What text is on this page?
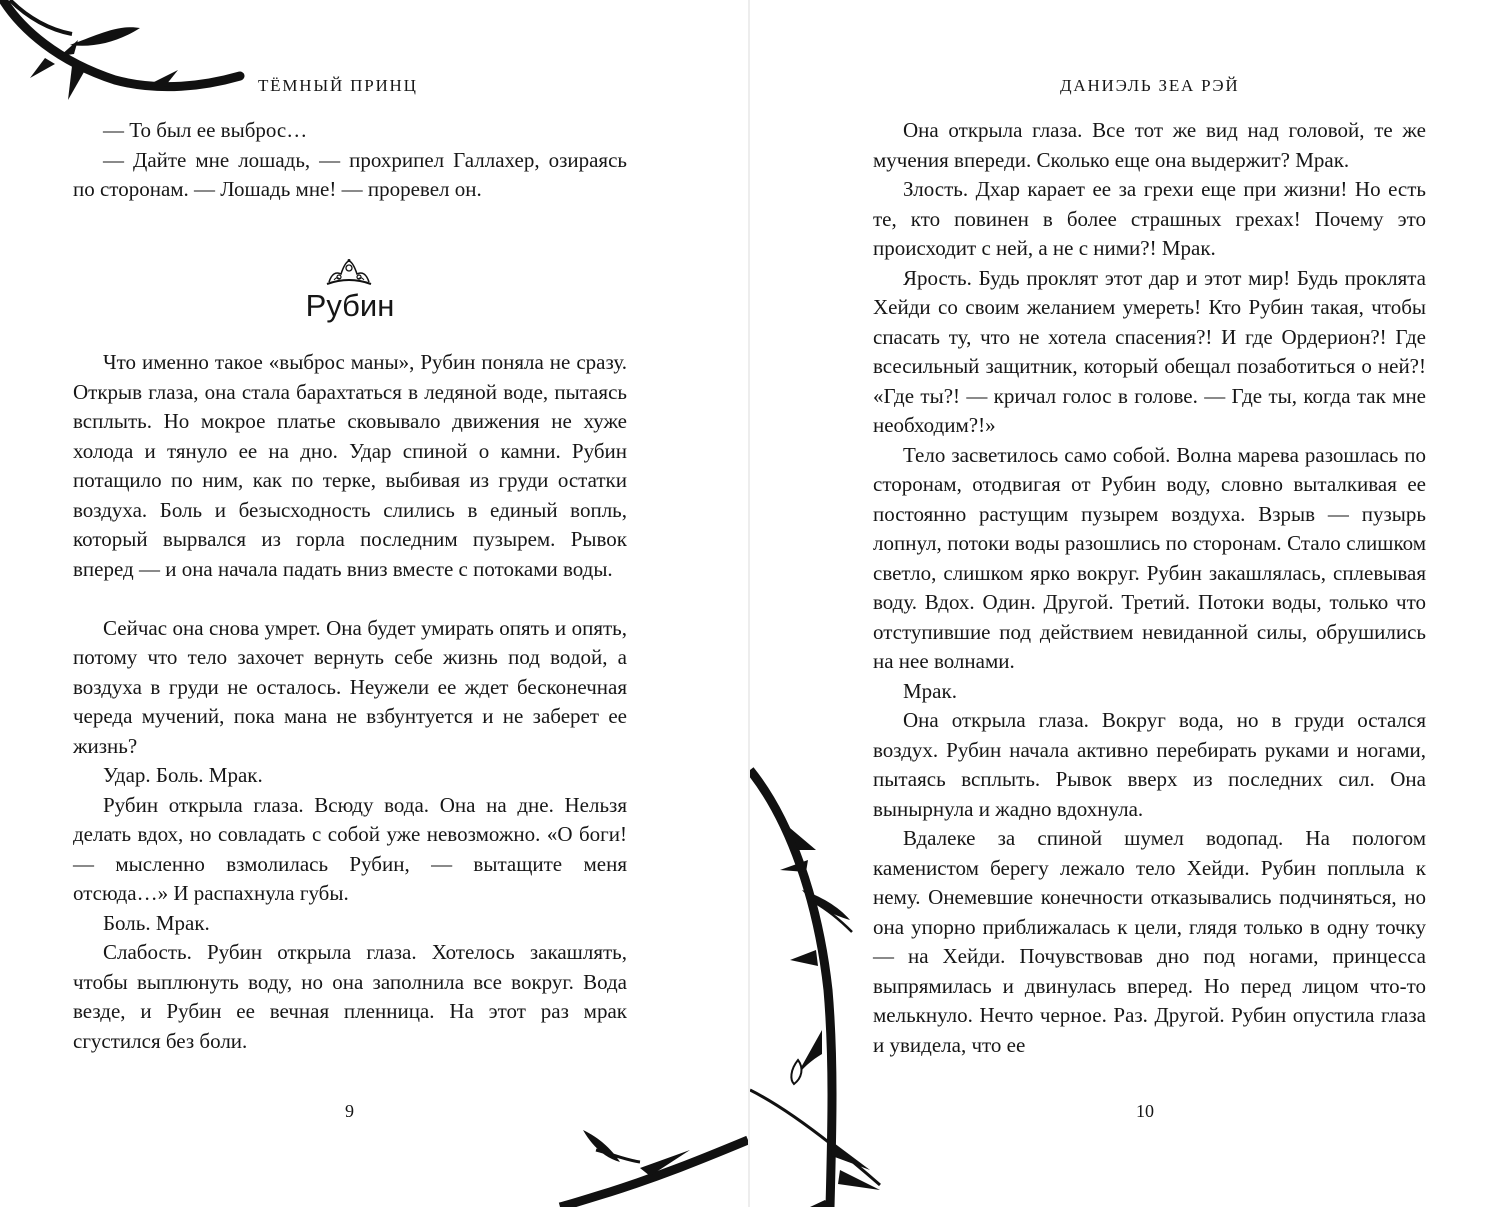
ТЁМНЫЙ ПРИНЦ

— То был ее выброс…

— Дайте мне лошадь, — прохрипел Галлахер, озираясь по сторонам. — Лошадь мне! — проревел он.

Рубин

Что именно такое «выброс маны», Рубин поняла не сразу. Открыв глаза, она стала барахтаться в ледяной воде, пытаясь всплыть. Но мокрое платье сковывало движения не хуже холода и тянуло ее на дно. Удар спиной о камни. Рубин потащило по ним, как по терке, выбивая из груди остатки воздуха. Боль и безысходность слились в единый вопль, который вырвался из горла последним пузырем. Рывок вперед — и она начала падать вниз вместе с потоками воды.

Сейчас она снова умрет. Она будет умирать опять и опять, потому что тело захочет вернуть себе жизнь под водой, а воздуха в груди не осталось. Неужели ее ждет бесконечная череда мучений, пока мана не взбунтуется и не заберет ее жизнь?

Удар. Боль. Мрак.

Рубин открыла глаза. Всюду вода. Она на дне. Нельзя делать вдох, но совладать с собой уже невозможно. «О боги! — мысленно взмолилась Рубин, — вытащите меня отсюда…» И распахнула губы.

Боль. Мрак.

Слабость. Рубин открыла глаза. Хотелось закашлять, чтобы выплюнуть воду, но она заполнила все вокруг. Вода везде, и Рубин ее вечная пленница. На этот раз мрак сгустился без боли.

9
ДАНИЭЛЬ ЗЕА РЭЙ

Она открыла глаза. Все тот же вид над головой, те же мучения впереди. Сколько еще она выдержит? Мрак.

Злость. Дхар карает ее за грехи еще при жизни! Но есть те, кто повинен в более страшных грехах! Почему это происходит с ней, а не с ними?! Мрак.

Ярость. Будь проклят этот дар и этот мир! Будь проклята Хейди со своим желанием умереть! Кто Рубин такая, чтобы спасать ту, что не хотела спасения?! И где Ордерион?! Где всесильный защитник, который обещал позаботиться о ней?! «Где ты?! — кричал голос в голове. — Где ты, когда так мне необходим?!»

Тело засветилось само собой. Волна марева разошлась по сторонам, отодвигая от Рубин воду, словно выталкивая ее постоянно растущим пузырем воздуха. Взрыв — пузырь лопнул, потоки воды разошлись по сторонам. Стало слишком светло, слишком ярко вокруг. Рубин закашлялась, сплевывая воду. Вдох. Один. Другой. Третий. Потоки воды, только что отступившие под действием невиданной силы, обрушились на нее волнами.

Мрак.

Она открыла глаза. Вокруг вода, но в груди остался воздух. Рубин начала активно перебирать руками и ногами, пытаясь всплыть. Рывок вверх из последних сил. Она вынырнула и жадно вдохнула.

Вдалеке за спиной шумел водопад. На пологом каменистом берегу лежало тело Хейди. Рубин поплыла к нему. Онемевшие конечности отказывались подчиняться, но она упорно приближалась к цели, глядя только в одну точку — на Хейди. Почувствовав дно под ногами, принцесса выпрямилась и двинулась вперед. Но перед лицом что-то мелькнуло. Нечто черное. Раз. Другой. Рубин опустила глаза и увидела, что ее

10
